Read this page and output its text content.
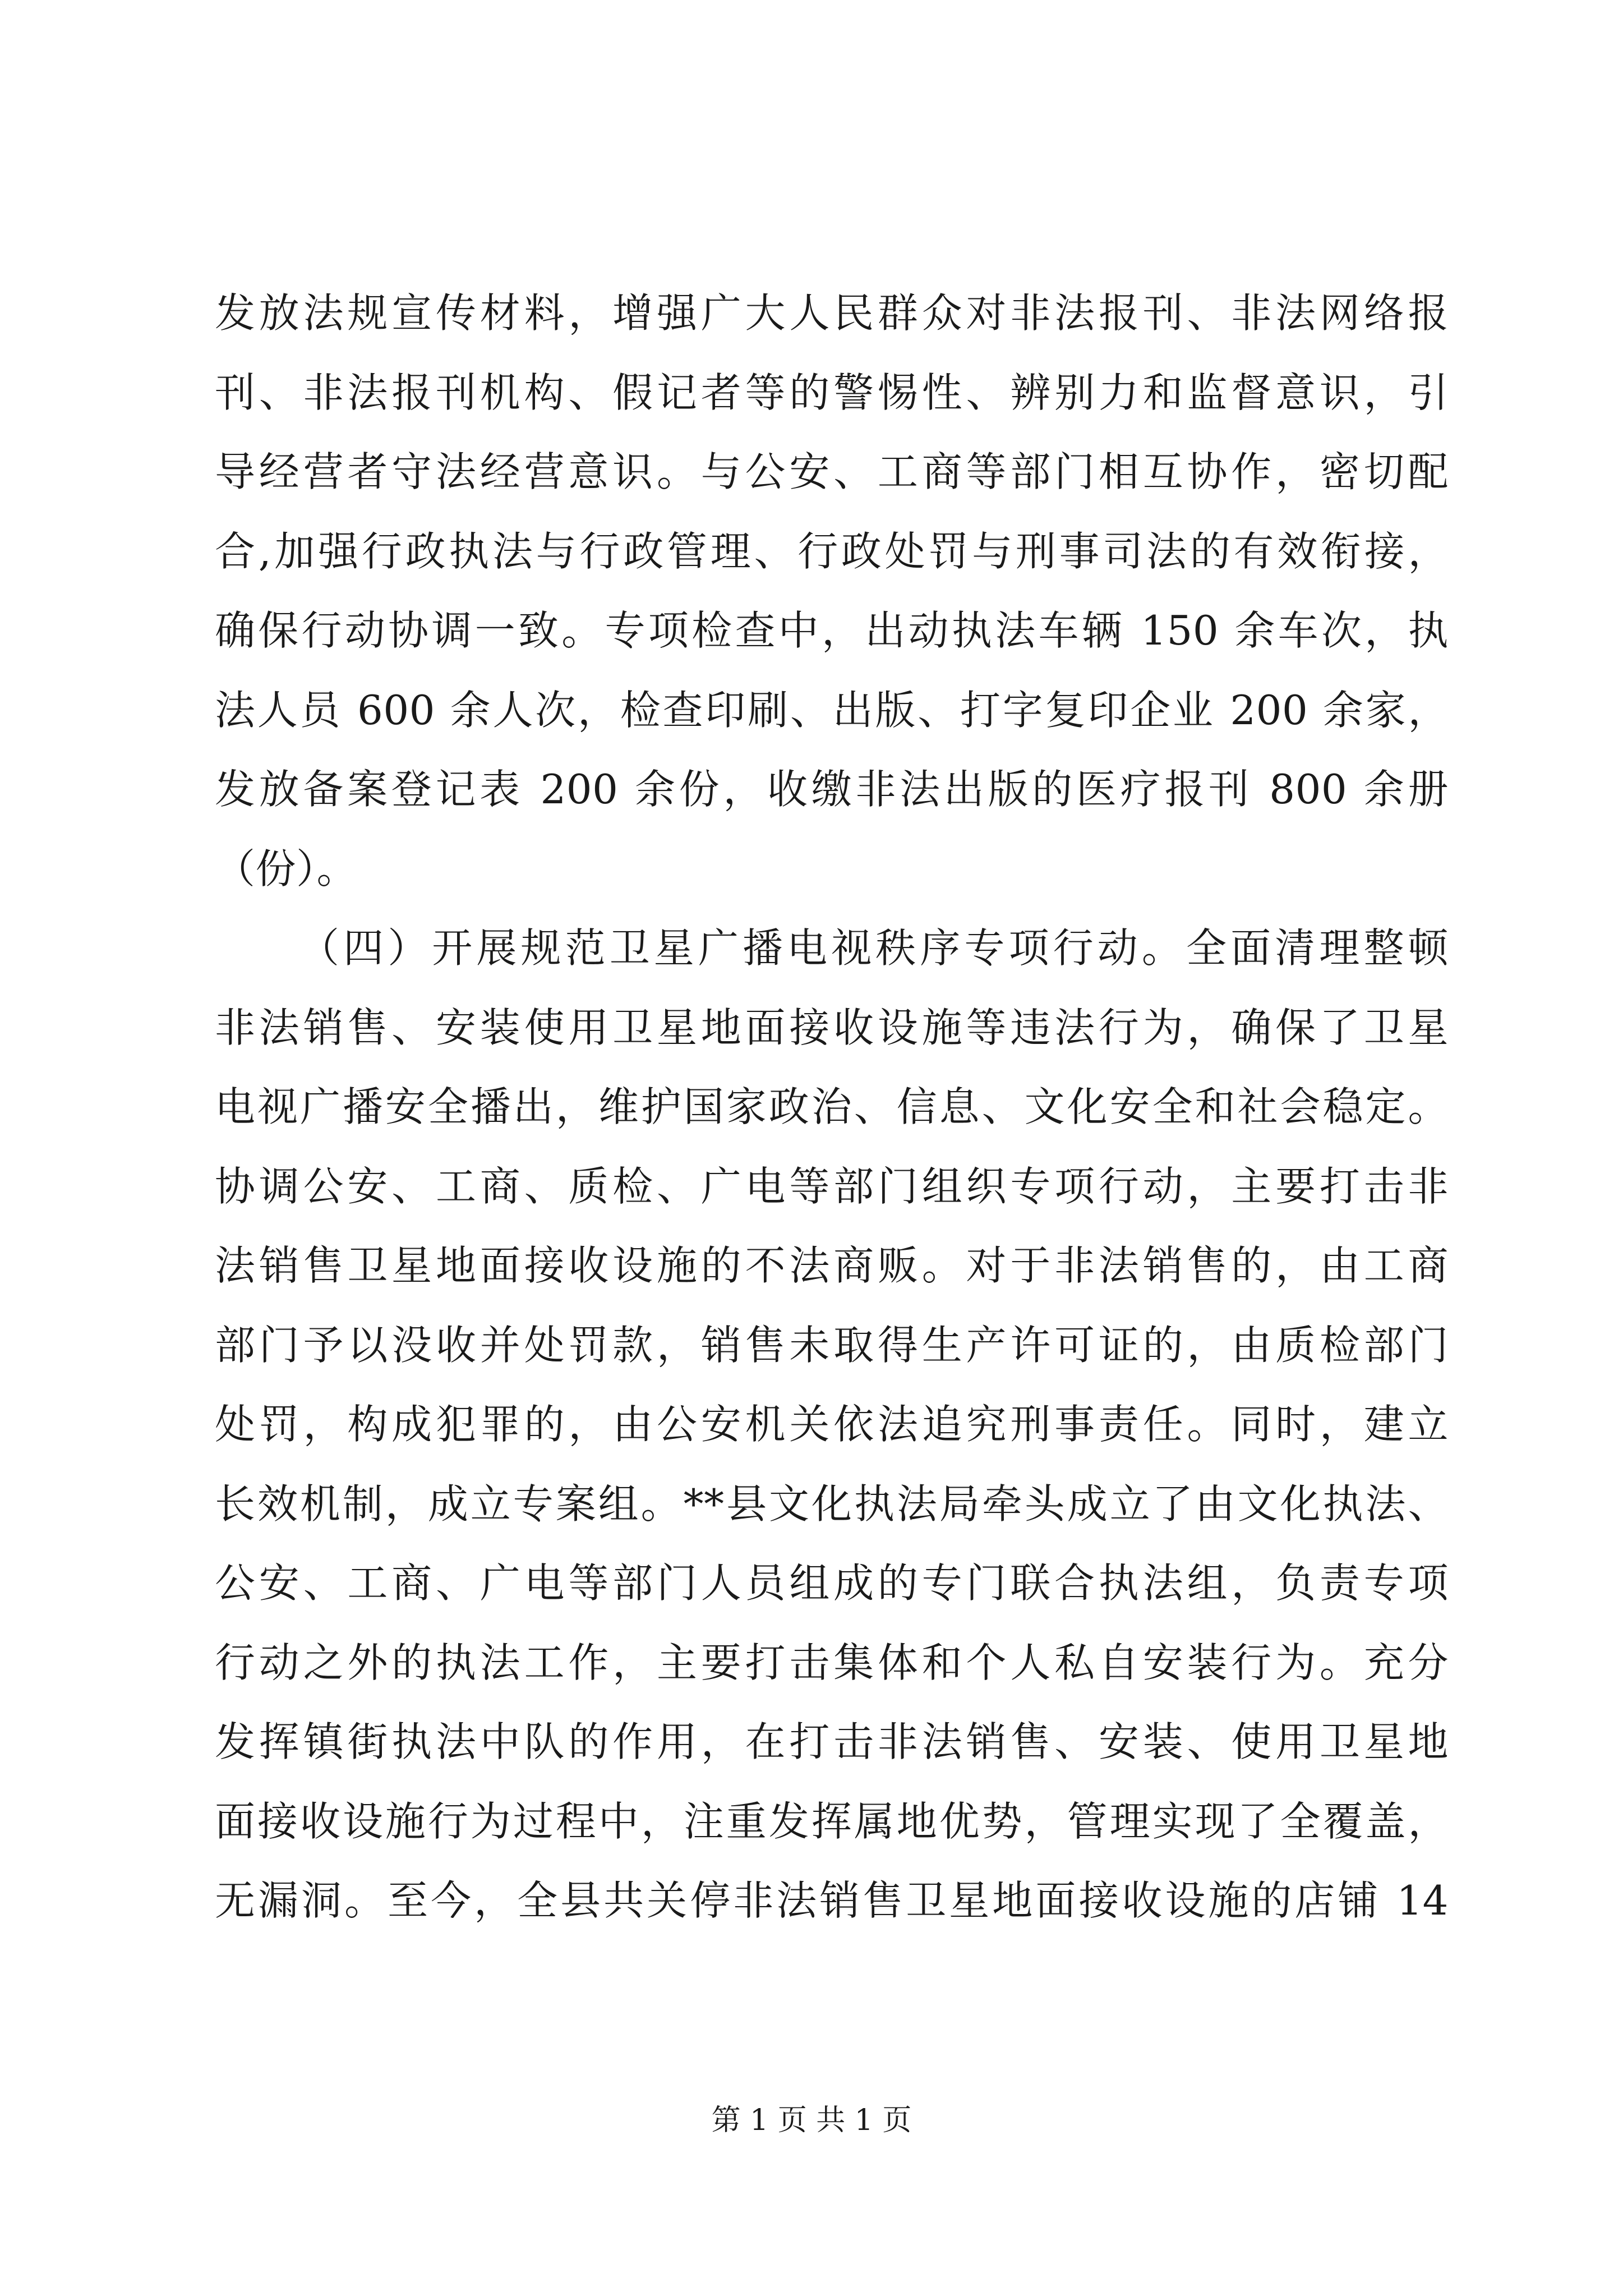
发放法规宣传材料，增强广大人民群众对非法报刊、非法网络报
刊、非法报刊机构、假记者等的警惕性、辨别力和监督意识，引
导经营者守法经营意识。与公安、工商等部门相互协作，密切配
合,加强行政执法与行政管理、行政处罚与刑事司法的有效衔接，
确保行动协调一致。专项检查中，出动执法车辆 150 余车次，执
法人员 600 余人次，检查印刷、出版、打字复印企业 200 余家，
发放备案登记表 200 余份，收缴非法出版的医疗报刊 800 余册
（份）。
（四）开展规范卫星广播电视秩序专项行动。全面清理整顿
非法销售、安装使用卫星地面接收设施等违法行为，确保了卫星
电视广播安全播出，维护国家政治、信息、文化安全和社会稳定。
协调公安、工商、质检、广电等部门组织专项行动，主要打击非
法销售卫星地面接收设施的不法商贩。对于非法销售的，由工商
部门予以没收并处罚款，销售未取得生产许可证的，由质检部门
处罚，构成犯罪的，由公安机关依法追究刑事责任。同时，建立
长效机制，成立专案组。**县文化执法局牵头成立了由文化执法、
公安、工商、广电等部门人员组成的专门联合执法组，负责专项
行动之外的执法工作，主要打击集体和个人私自安装行为。充分
发挥镇街执法中队的作用，在打击非法销售、安装、使用卫星地
面接收设施行为过程中，注重发挥属地优势，管理实现了全覆盖，
无漏洞。至今，全县共关停非法销售卫星地面接收设施的店铺 14
第 1 页 共 1 页
